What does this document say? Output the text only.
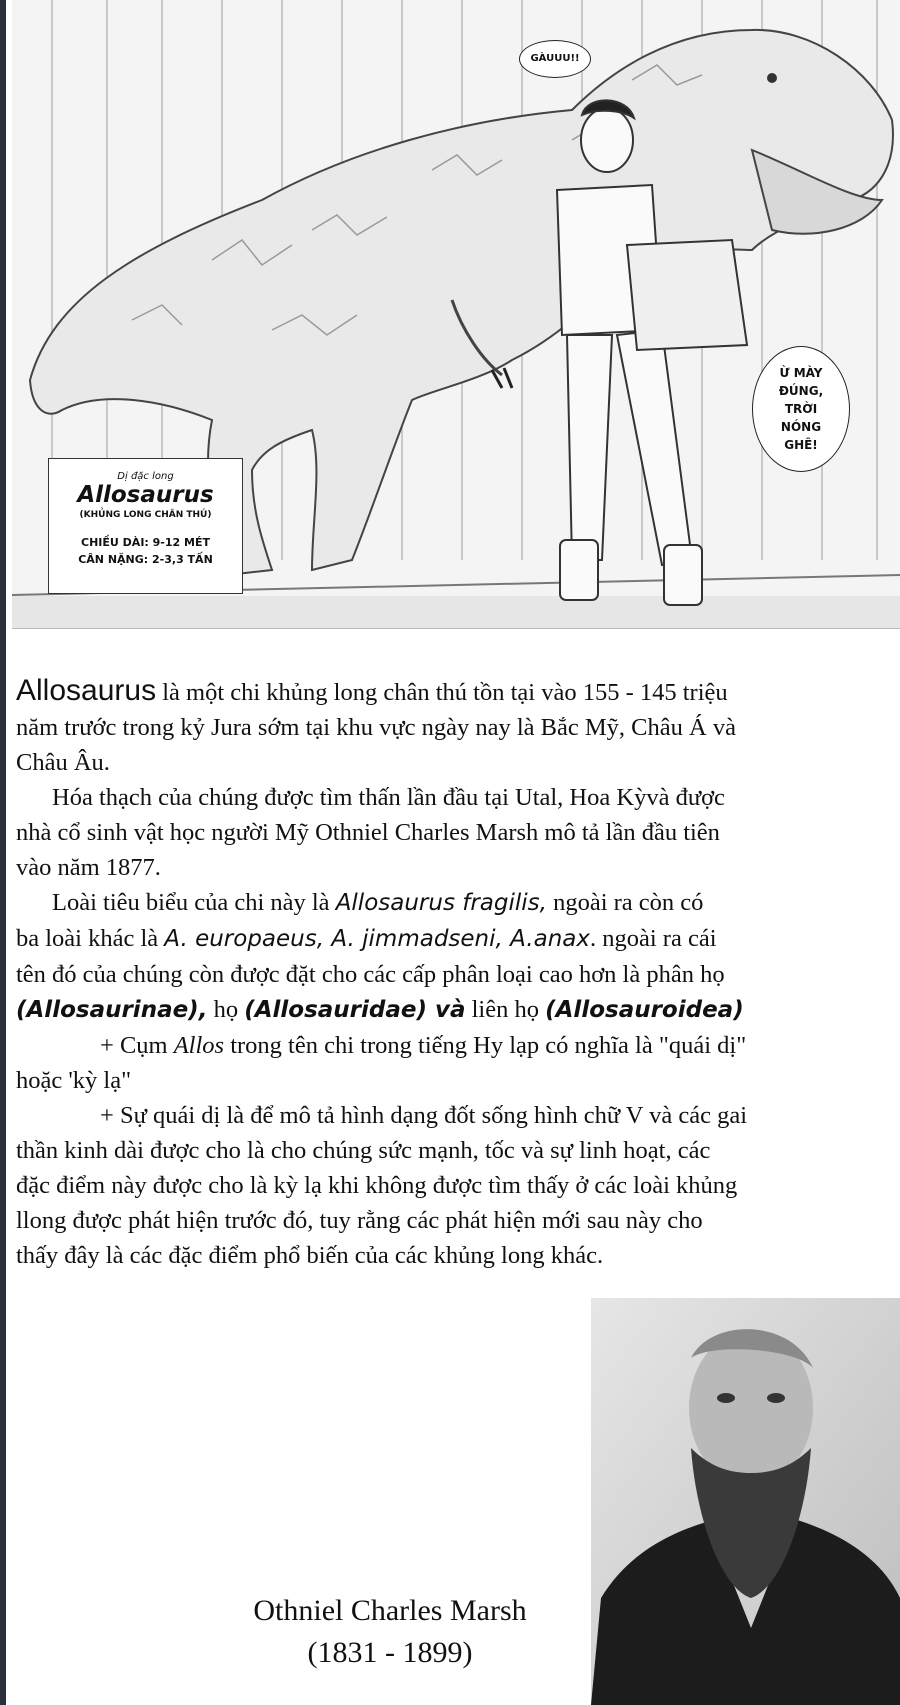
GÀUUU!!
Ừ MÀY
ĐÚNG,
TRỜI
NÓNG
GHÊ!
Dị đặc long
Allosaurus
(KHỦNG LONG CHÂN THÚ)
CHIỀU DÀI: 9-12 MÉT
CÂN NẶNG: 2-3,3 TẤN

Allosaurus là một chi khủng long chân thú tồn tại vào 155 - 145 triệu

năm trước trong kỷ Jura sớm tại khu vực ngày nay là Bắc Mỹ, Châu Á và

Châu Âu.

Hóa thạch của chúng được tìm thấn lần đầu tại Utal, Hoa Kỳvà được

nhà cổ sinh vật học người Mỹ Othniel Charles Marsh mô tả lần đầu tiên

vào năm 1877.

Loài tiêu biểu của chi này là Allosaurus fragilis, ngoài ra còn có

ba loài khác là A. europaeus, A. jimmadseni, A.anax. ngoài ra cái

tên đó của chúng còn được đặt cho các cấp phân loại cao hơn là phân họ

(Allosaurinae), họ (Allosauridae) và liên họ (Allosauroidea)

+ Cụm Allos trong tên chi trong tiếng Hy lạp có nghĩa là "quái dị"

hoặc 'kỳ lạ"

+ Sự quái dị là để mô tả hình dạng đốt sống hình chữ V và các gai

thần kinh dài được cho là cho chúng sức mạnh, tốc và sự linh hoạt, các

đặc điểm này được cho là kỳ lạ khi không được tìm thấy ở các loài khủng

llong được phát hiện trước đó, tuy rằng các phát hiện mới sau này cho

thấy đây là các đặc điểm phổ biến của các khủng long khác.

Othniel Charles Marsh
(1831 - 1899)
